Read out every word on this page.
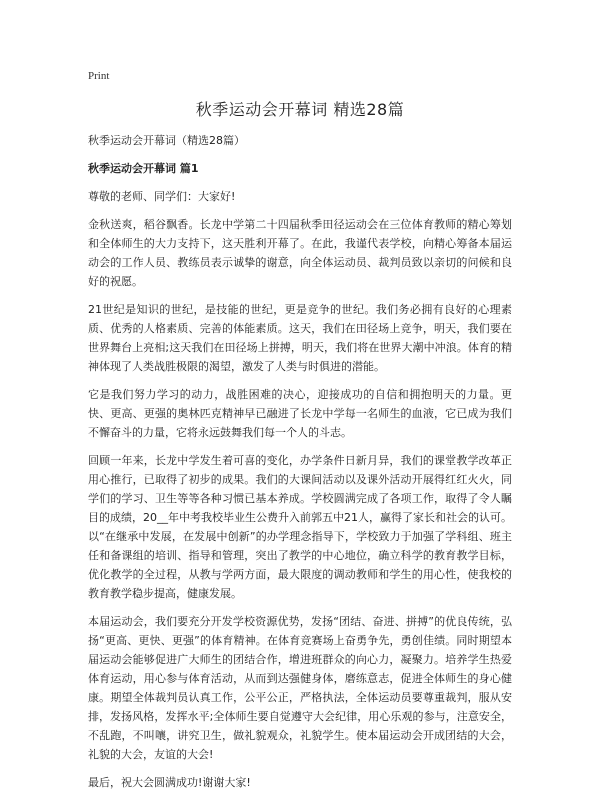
Print
秋季运动会开幕词 精选28篇

秋季运动会开幕词（精选28篇）

秋季运动会开幕词 篇1

尊敬的老师、同学们：大家好!

金秋送爽，稻谷飘香。长龙中学第二十四届秋季田径运动会在三位体育教师的精心筹划和全体师生的大力支持下，这天胜利开幕了。在此，我谨代表学校，向精心筹备本届运动会的工作人员、教练员表示诚挚的谢意，向全体运动员、裁判员致以亲切的问候和良好的祝愿。

21世纪是知识的世纪，是技能的世纪，更是竞争的世纪。我们务必拥有良好的心理素质、优秀的人格素质、完善的体能素质。这天，我们在田径场上竞争，明天，我们要在世界舞台上亮相;这天我们在田径场上拼搏，明天，我们将在世界大潮中冲浪。体育的精神体现了人类战胜极限的渴望，激发了人类与时俱进的潜能。

它是我们努力学习的动力，战胜困难的决心，迎接成功的自信和拥抱明天的力量。更快、更高、更强的奥林匹克精神早已融进了长龙中学每一名师生的血液，它已成为我们不懈奋斗的力量，它将永远鼓舞我们每一个人的斗志。

回顾一年来，长龙中学发生着可喜的变化，办学条件日新月异，我们的课堂教学改革正用心推行，已取得了初步的成果。我们的大课间活动以及课外活动开展得红红火火，同学们的学习、卫生等等各种习惯已基本养成。学校圆满完成了各项工作，取得了令人瞩目的成绩，20__年中考我校毕业生公费升入前郭五中21人，赢得了家长和社会的认可。以“在继承中发展，在发展中创新”的办学理念指导下，学校致力于加强了学科组、班主任和备课组的培训、指导和管理，突出了教学的中心地位，确立科学的教育教学目标，优化教学的全过程，从教与学两方面，最大限度的调动教师和学生的用心性，使我校的教育教学稳步提高，健康发展。

本届运动会，我们要充分开发学校资源优势，发扬“团结、奋进、拼搏”的优良传统，弘扬“更高、更快、更强”的体育精神。在体育竞赛场上奋勇争先，勇创佳绩。同时期望本届运动会能够促进广大师生的团结合作，增进班群众的向心力，凝聚力。培养学生热爱体育运动，用心参与体育活动，从而到达强健身体，磨练意志，促进全体师生的身心健康。期望全体裁判员认真工作，公平公正，严格执法，全体运动员要尊重裁判，服从安排，发扬风格，发挥水平;全体师生要自觉遵守大会纪律，用心乐观的参与，注意安全，不乱跑，不叫嚷，讲究卫生，做礼貌观众，礼貌学生。使本届运动会开成团结的大会，礼貌的大会，友谊的大会!

最后，祝大会圆满成功!谢谢大家!
